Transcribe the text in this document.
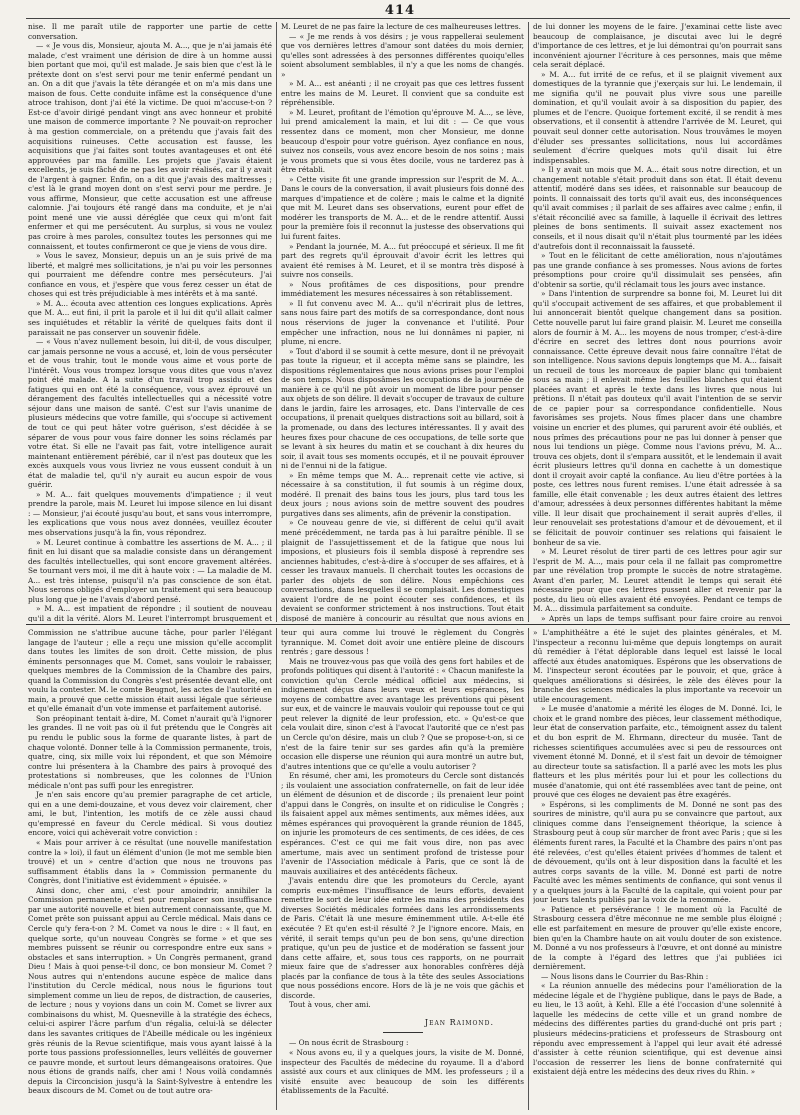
414

nise. Il me paraît utile de rapporter une partie de cette conversation.

— « Je vous dis, Monsieur, ajouta M. A..., que je n'ai jamais été malade, c'est vraiment une dérision de dire à un homme aussi bien portant que moi, qu'il est malade. Je sais bien que c'est là le prétexte dont on s'est servi pour me tenir enfermé pendant un an. On a dit que j'avais la tête dérangée et on m'a mis dans une maison de fous. Cette conduite infâme est la conséquence d'une atroce trahison, dont j'ai été la victime. De quoi m'accuse-t-on ? Est-ce d'avoir dirigé pendant vingt ans avec honneur et probité une maison de commerce importante ? Ne pouvait-on reprocher à ma gestion commerciale, on a prétendu que j'avais fait des acquisitions ruineuses. Cette accusation est fausse, les acquisitions que j'ai faites sont toutes avantageuses et ont été approuvées par ma famille. Les projets que j'avais étaient excellents, je suis fâché de ne pas les avoir réalisés, car il y avait de l'argent à gagner. Enfin, on a dit que j'avais des maîtresses ; c'est là le grand moyen dont on s'est servi pour me perdre. Je vous affirme, Monsieur, que cette accusation est une affreuse calomnie. J'ai toujours été rangé dans ma conduite, et je n'ai point mené une vie aussi déréglée que ceux qui m'ont fait enfermer et qui me persécutent. Au surplus, si vous ne voulez pas croire à mes paroles, consultez toutes les personnes qui me connaissent, et toutes confirmeront ce que je viens de vous dire.

» Vous le savez, Monsieur, depuis un an je suis privé de ma liberté, et malgré mes sollicitations, je n'ai pu voir les personnes qui pourraient me défendre contre mes persécuteurs. J'ai confiance en vous, et j'espère que vous ferez cesser un état de choses qui est très préjudiciable à mes intérêts et à ma santé.

» M. A... écouta avec attention ces longues explications. Après que M. A... eut fini, il prit la parole et il lui dit qu'il allait calmer ses inquiétudes et rétablir la vérité de quelques faits dont il paraissait ne pas conserver un souvenir fidèle.

— « Vous n'avez nullement besoin, lui dit-il, de vous disculper, car jamais personne ne vous a accusé, et, loin de vous persécuter et de vous trahir, tout le monde vous aime et vous porte de l'intérêt. Vous vous trompez lorsque vous dites que vous n'avez point été malade. A la suite d'un travail trop assidu et des fatigues qui en ont été la conséquence, vous avez éprouvé un dérangement des facultés intellectuelles qui a nécessité votre séjour dans une maison de santé. C'est sur l'avis unanime de plusieurs médecins que votre famille, qui s'occupe si activement de tout ce qui peut hâter votre guérison, s'est décidée à se séparer de vous pour vous faire donner les soins réclamés par votre état. Si elle ne l'avait pas fait, votre intelligence aurait maintenant entièrement pérébié, car il n'est pas douteux que les excès auxquels vous vous livriez ne vous eussent conduit à un état de maladie tel, qu'il n'y aurait eu aucun espoir de vous guérir.

» M. A... fait quelques mouvements d'impatience ; il veut prendre la parole, mais M. Leuret lui impose silence en lui disant : — Monsieur, j'ai écouté jusqu'au bout, et sans vous interrompre, les explications que vous nous avez données, veuillez écouter mes observations jusqu'à la fin, vous répondrez.

» M. Leuret continue à combattre les assertions de M. A... ; il finit en lui disant que sa maladie consiste dans un dérangement des facultés intellectuelles, qui sont encore gravement altérées. Se tournant vers moi, il me dit à haute voix : — La maladie de M. A... est très intense, puisqu'il n'a pas conscience de son état. Nous serons obligés d'employer un traitement qui sera beaucoup plus long que je ne l'avais d'abord pensé.

» M. A... est impatient de répondre ; il soutient de nouveau qu'il a dit la vérité. Alors M. Leuret l'interrompt brusquement et

M. Leuret de ne pas faire la lecture de ces malheureuses lettres.

— « Je me rends à vos désirs ; je vous rappellerai seulement que vos dernières lettres d'amour sont datées du mois dernier, qu'elles sont adressées à des personnes différentes quoiqu'elles soient absolument semblables, il n'y a que les noms de changés. »

» M. A... est anéanti ; il ne croyait pas que ces lettres fussent entre les mains de M. Leuret. Il convient que sa conduite est répréhensible.

» M. Leuret, profitant de l'émotion qu'éprouve M. A..., se lève, lui prend amicalement la main, et lui dit : — Ce que vous ressentez dans ce moment, mon cher Monsieur, me donne beaucoup d'espoir pour votre guérison. Ayez confiance en nous, suivez nos conseils, vous avez encore besoin de nos soins ; mais je vous promets que si vous êtes docile, vous ne tarderez pas à être rétabli.

» Cette visite fit une grande impression sur l'esprit de M. A... Dans le cours de la conversation, il avait plusieurs fois donné des marques d'impatience et de colère ; mais le calme et la dignité que mit M. Leuret dans ses observations, eurent pour effet de modérer les transports de M. A... et de le rendre attentif. Aussi pour la première fois il reconnut la justesse des observations qui lui furent faites.

» Pendant la journée, M. A... fut préoccupé et sérieux. Il me fit part des regrets qu'il éprouvait d'avoir écrit les lettres qui avaient été remises à M. Leuret, et il se montra très disposé à suivre nos conseils.

» Nous profitâmes de ces dispositions, pour prendre immédiatement les mesures nécessaires à son rétablissement.

» Il fut convenu avec M. A... qu'il n'écrirait plus de lettres, sans nous faire part des motifs de sa correspondance, dont nous nous réservions de juger la convenance et l'utilité. Pour empêcher une infraction, nous ne lui donnâmes ni papier, ni plume, ni encre.

» Tout d'abord il se soumit à cette mesure, dont il ne prévoyait pas toute la rigueur, et il accepta même sans se plaindre, les dispositions réglementaires que nous avions prises pour l'emploi de son temps. Nous disposâmes les occupations de la journée de manière à ce qu'il ne pût avoir un moment de libre pour penser aux objets de son délire. Il devait s'occuper de travaux de culture dans le jardin, faire les arrosages, etc. Dans l'intervalle de ces occupations, il prenait quelques distractions soit au billard, soit à la promenade, ou dans des lectures intéressantes. Il y avait des heures fixes pour chacune de ces occupations, de telle sorte que se levant à six heures du matin et se couchant à dix heures du soir, il avait tous ses moments occupés, et il ne pouvait éprouver ni de l'ennui ni de la fatigue.

» En même temps que M. A... reprenait cette vie active, si nécessaire à sa constitution, il fut soumis à un régime doux, modéré. Il prenait des bains tous les jours, plus tard tous les deux jours ; nous avions soin de mettre souvent des poudres purgatives dans ses aliments, afin de prévenir la constipation.

» Ce nouveau genre de vie, si différent de celui qu'il avait mené précédemment, ne tarda pas à lui paraître pénible. Il se plaignit de l'assujettissement et de la fatigue que nous lui imposions, et plusieurs fois il sembla disposé à reprendre ses anciennes habitudes, c'est-à-dire à s'occuper de ses affaires, et à cesser les travaux manuels. Il cherchait toutes les occasions de parler des objets de son délire. Nous empêchions ces conversations, dans lesquelles il se complaisait. Les domestiques avaient l'ordre de ne point écouter ses confidences, et ils devaient se conformer strictement à nos instructions. Tout était disposé de manière à concourir au résultat que nous avions en

de lui donner les moyens de le faire. J'examinai cette liste avec beaucoup de complaisance, je discutai avec lui le degré d'importance de ces lettres, et je lui démontrai qu'on pourrait sans inconvénient ajourner l'écriture à ces personnes, mais que même cela serait déplacé.

» M. A... fut irrité de ce refus, et il se plaignit vivement aux domestiques de la tyrannie que j'exerçais sur lui. Le lendemain, il me signifia qu'il ne pouvait plus vivre sous une pareille domination, et qu'il voulait avoir à sa disposition du papier, des plumes et de l'encre. Quoique fortement excité, il se rendit à mes observations, et il consentit à attendre l'arrivée de M. Leuret, qui pouvait seul donner cette autorisation. Nous trouvâmes le moyen d'éluder ses pressantes sollicitations, nous lui accordâmes seulement d'écrire quelques mots qu'il disait lui être indispensables.

» Il y avait un mois que M. A... était sous notre direction, et un changement notable s'était produit dans son état. Il était devenu attentif, modéré dans ses idées, et raisonnable sur beaucoup de points. Il connaissait des torts qu'il avait eus, des inconséquences qu'il avait commises ; il parlait de ses affaires avec calme ; enfin, il s'était réconcilié avec sa famille, à laquelle il écrivait des lettres pleines de bons sentiments. Il suivait assez exactement nos conseils, et il nous disait qu'il n'était plus tourmenté par les idées d'autrefois dont il reconnaissait la fausseté.

» Tout en le félicitant de cette amélioration, nous n'ajoutâmes pas une grande confiance à ses promesses. Nous avions de fortes présomptions pour croire qu'il dissimulait ses pensées, afin d'obtenir sa sortie, qu'il réclamait tous les jours avec instance.

» Dans l'intention de surprendre sa bonne foi, M. Leuret lui dit qu'il s'occupait activement de ses affaires, et que probablement il lui annoncerait bientôt quelque changement dans sa position. Cette nouvelle parut lui faire grand plaisir. M. Leuret me conseilla alors de fournir à M. A... les moyens de nous tromper, c'est-à-dire d'écrire en secret des lettres dont nous pourrions avoir connaissance. Cette épreuve devait nous faire connaître l'état de son intelligence. Nous savions depuis longtemps que M. A... faisait un recueil de tous les morceaux de papier blanc qui tombaient sous sa main ; il enlevait même les feuilles blanches qui étaient placées avant et après le texte dans les livres que nous lui prêtions. Il n'était pas douteux qu'il avait l'intention de se servir de ce papier pour sa correspondance confidentielle. Nous favorisâmes ses projets. Nous fîmes placer dans une chambre voisine un encrier et des plumes, qui parurent avoir été oubliés, et nous prîmes des précautions pour ne pas lui donner à penser que nous lui tendions un piège. Comme nous l'avions prévu, M. A... trouva ces objets, dont il s'empara aussitôt, et le lendemain il avait écrit plusieurs lettres qu'il donna en cachette à un domestique dont il croyait avoir capté la confiance. Au lieu d'être portées à la poste, ces lettres nous furent remises. L'une était adressée à sa famille, elle était convenable ; les deux autres étaient des lettres d'amour, adressées à deux personnes différentes habitant la même ville. Il leur disait que prochainement il serait auprès d'elles, il leur renouvelait ses protestations d'amour et de dévouement, et il se félicitait de pouvoir continuer ses relations qui faisaient le bonheur de sa vie.

» M. Leuret résolut de tirer parti de ces lettres pour agir sur l'esprit de M. A..., mais pour cela il ne fallait pas compromettre par une révélation trop prompte le succès de notre stratagème. Avant d'en parler, M. Leuret attendit le temps qui serait été nécessaire pour que ces lettres pussent aller et revenir par la poste, du lieu où elles avaient été envoyées. Pendant ce temps de M. A... dissimula parfaitement sa conduite.

» Après un laps de temps suffisant pour faire croire au renvoi

Commission ne s'attribue aucune tâche, pour parler l'élégant langage de l'auteur ; elle a reçu une mission qu'elle accomplit dans toutes les limites de son droit. Cette mission, de plus éminents personnages que M. Comet, sans vouloir le rabaisser, quelques membres de la Commission de la Chambre des pairs, quand la Commission du Congrès s'est présentée devant elle, ont voulu la contester. M. le comte Beugnot, les actes de l'autorité en main, a prouvé que cette mission était aussi légale que sérieuse et qu'elle émanait d'un vote immense et parfaitement autorisé.

Son préopinant tentait à-dire, M. Comet n'aurait qu'à l'ignorer les grandes. Il ne voit pas où il fut prétendu que le Congrès ait pu rendu le public sous la forme de quarante listes, à part de chaque volonté. Donner telle à la Commission permanente, trois, quatre, cinq, six mille voix lui répondent, et que son Mémoire contre lui présentera à la Chambre des pairs à provoqué des protestations si nombreuses, que les colonnes de l'Union médicale n'ont pas suffi pour les enregistrer.

Je n'en sais encore qu'au premier paragraphe de cet article, qui en a une demi-douzaine, et vous devez voir clairement, cher ami, le but, l'intention, les motifs de ce zèle aussi chaud qu'empressé en faveur du Cercle médical. Si vous doutiez encore, voici qui achèverait votre conviction :

« Mais pour arriver à ce résultat (une nouvelle manifestation contre la » loi), il faut un élément d'union (le mot me semble bien trouvé) et un » centre d'action que nous ne trouvons pas suffisamment établis dans la » Commission permanente du Congrès, dont l'initiative est évidemment » épuisée. »

Ainsi donc, cher ami, c'est pour amoindrir, annihiler la Commission permanente, c'est pour remplacer son insuffisance par une autorité nouvelle et bien autrement connaissante, que M. Comet prête son puissant appui au Cercle médical. Mais dans ce Cercle qu'y fera-t-on ? M. Comet va nous le dire : « Il faut, en quelque sorte, qu'un nouveau Congrès se forme » et que ses membres puissent se réunir ou correspondre entre eux sans » obstacles et sans interruption. » Un Congrès permanent, grand Dieu ! Mais à quoi pense-t-il donc, ce bon monsieur M. Comet ? Nous autres qui n'entendons aucune espèce de malice dans l'institution du Cercle médical, nous nous le figurions tout simplement comme un lieu de repos, de distraction, de causeries, de lecture ; nous y voyions dans un coin M. Comet se livrer aux combinaisons du whist, M. Quesneville à la stratégie des échecs, celui-ci aspirer l'âcre parfum d'un régalia, celui-là se délecter dans les savantes critiques de l'Abeille médicale ou les ingénieux grès réunis de la Revue scientifique, mais vous ayant laissé à la porte tous passions professionnelles, leurs velléités de gouverner ce pauvre monde, et surtout leurs démangeaisons oratoires. Que nous étions de grands naïfs, cher ami ! Nous voilà condamnés depuis la Circoncision jusqu'à la Saint-Sylvestre à entendre les beaux discours de M. Comet ou de tout autre ora-

teur qui aura comme lui trouvé le règlement du Congrès tyrannique. M. Comet doit avoir une entière pleine de discours rentrés ; gare dessous !

Mais ne trouvez-vous pas que voilà des gens fort habiles et de profonds politiques qui disent à l'autorité : « Chacun manifeste la conviction qu'un Cercle médical officiel aux médecins, si indignement déçus dans leurs vœux et leurs espérances, les moyens de combattre avec avantage les préventions qui pèsent sur eux, et de vaincre le mauvais vouloir qui repousse tout ce qui peut relever la dignité de leur profession, etc. » Qu'est-ce que cela voulait dire, sinon c'est à l'avocat l'autorité que ce n'est pas un Cercle qu'on désire, mais un club ? Que se propose-t-on, si ce n'est de la faire tenir sur ses gardes afin qu'à la première occasion elle disperse une réunion qui aura montré un autre but, d'autres intentions que ce qu'elle a voulu autoriser ?

En résumé, cher ami, les promoteurs du Cercle sont distancés ; ils voulaient une association confraternelle, on fait de leur idée un élément de désunion et de discorde ; ils prenaient leur point d'appui dans le Congrès, on insulte et on ridiculise le Congrès ; ils faisaient appel aux mêmes sentiments, aux mêmes idées, aux mêmes espérances qui provoquèrent la grande réunion de 1845, on injurie les promoteurs de ces sentiments, de ces idées, de ces espérances. C'est ce qui me fait vous dire, non pas avec amertume, mais avec un sentiment profond de tristesse pour l'avenir de l'Association médicale à Paris, que ce sont là de mauvais auxiliaires et des antécédents fâcheux.

J'avais entendu dire que les promoteurs du Cercle, ayant compris eux-mêmes l'insuffisance de leurs efforts, devaient remettre le sort de leur idée entre les mains des présidents des diverses Sociétés médicales formées dans les arrondissements de Paris. C'était là une mesure éminemment utile. A-t-elle été exécutée ? Et qu'en est-il résulté ? Je l'ignore encore. Mais, en vérité, il serait temps qu'un peu de bon sens, qu'une direction pratique, qu'un peu de justice et de modération se fassent jour dans cette affaire, et, sous tous ces rapports, on ne pourrait mieux faire que de s'adresser aux honorables confrères déjà placés par la confiance de tous à la tête des seules Associations que nous possédions encore. Hors de là je ne vois que gâchis et discorde.

Tout à vous, cher ami.

Jean Raimond.

— On nous écrit de Strasbourg :

« Nous avons eu, il y a quelques jours, la visite de M. Donné, inspecteur des Facultés de médecine du royaume. Il a d'abord assisté aux cours et aux cliniques de MM. les professeurs ; il a visité ensuite avec beaucoup de soin les différents établissements de la Faculté.

» L'amphithéâtre a été le sujet des plaintes générales, et M. l'inspecteur a reconnu lui-même que depuis longtemps on aurait dû remédier à l'état déplorable dans lequel est laissé le local affecté aux études anatomiques. Espérons que les observations de M. l'inspecteur seront écoutées par le pouvoir, et que, grâce à quelques améliorations si désirées, le zèle des élèves pour la branche des sciences médicales la plus importante va recevoir un utile encouragement.

» Le musée d'anatomie a mérité les éloges de M. Donné. Ici, le choix et le grand nombre des pièces, leur classement méthodique, leur état de conservation parfaite, etc., témoignent assez du talent et du bon esprit de M. Ehrmann, directeur du musée. Tant de richesses scientifiques accumulées avec si peu de ressources ont vivement étonné M. Donné, et il s'est fait un devoir de témoigner au directeur toute sa satisfaction. Il a parlé avec les mots les plus flatteurs et les plus mérités pour lui et pour les collections du musée d'anatomie, qui ont été rassemblées avec tant de peine, ont prouvé que ces éloges ne devaient pas être exagérés.

» Espérons, si les compliments de M. Donné ne sont pas des sourires de ministre, qu'il aura pu se convaincre que partout, aux cliniques comme dans l'enseignement théorique, la science à Strasbourg peut à coup sûr marcher de front avec Paris ; que si les éléments furent rares, la Faculté et la Chambre des pairs n'ont pas été relevées, c'est qu'elles étaient privées d'hommes de talent et de dévouement, qu'ils ont à leur disposition dans la faculté et les autres corps savants de la ville. M. Donné est parti de notre Faculté avec les mêmes sentiments de confiance, qui sont venus il y a quelques jours à la Faculté de la capitale, qui voient pour par jour leurs talents publiés par la voix de la renommée.

» Patience et persévérance ! le moment où la Faculté de Strasbourg cessera d'être méconnue ne me semble plus éloigné ; elle est parfaitement en mesure de prouver qu'elle existe encore, bien qu'en la Chambre haute on ait voulu douter de son existence. M. Donné a vu nos professeurs à l'œuvre, et ont donné au ministre de la compte à l'égard des lettres que j'ai publiées ici dernièrement.

— Nous lisons dans le Courrier du Bas-Rhin :

« La réunion annuelle des médecins pour l'amélioration de la médecine légale et de l'hygiène publique, dans le pays de Bade, a eu lieu, le 13 août, à Kehl. Elle a été l'occasion d'une solennité à laquelle les médecins de cette ville et un grand nombre de médecins des différentes parties du grand-duché ont pris part ; plusieurs médecins-praticiens et professeurs de Strasbourg ont répondu avec empressement à l'appel qui leur avait été adressé d'assister à cette réunion scientifique, qui est devenue ainsi l'occasion de resserrer les liens de bonne confraternité qui existaient déjà entre les médecins des deux rives du Rhin. »
